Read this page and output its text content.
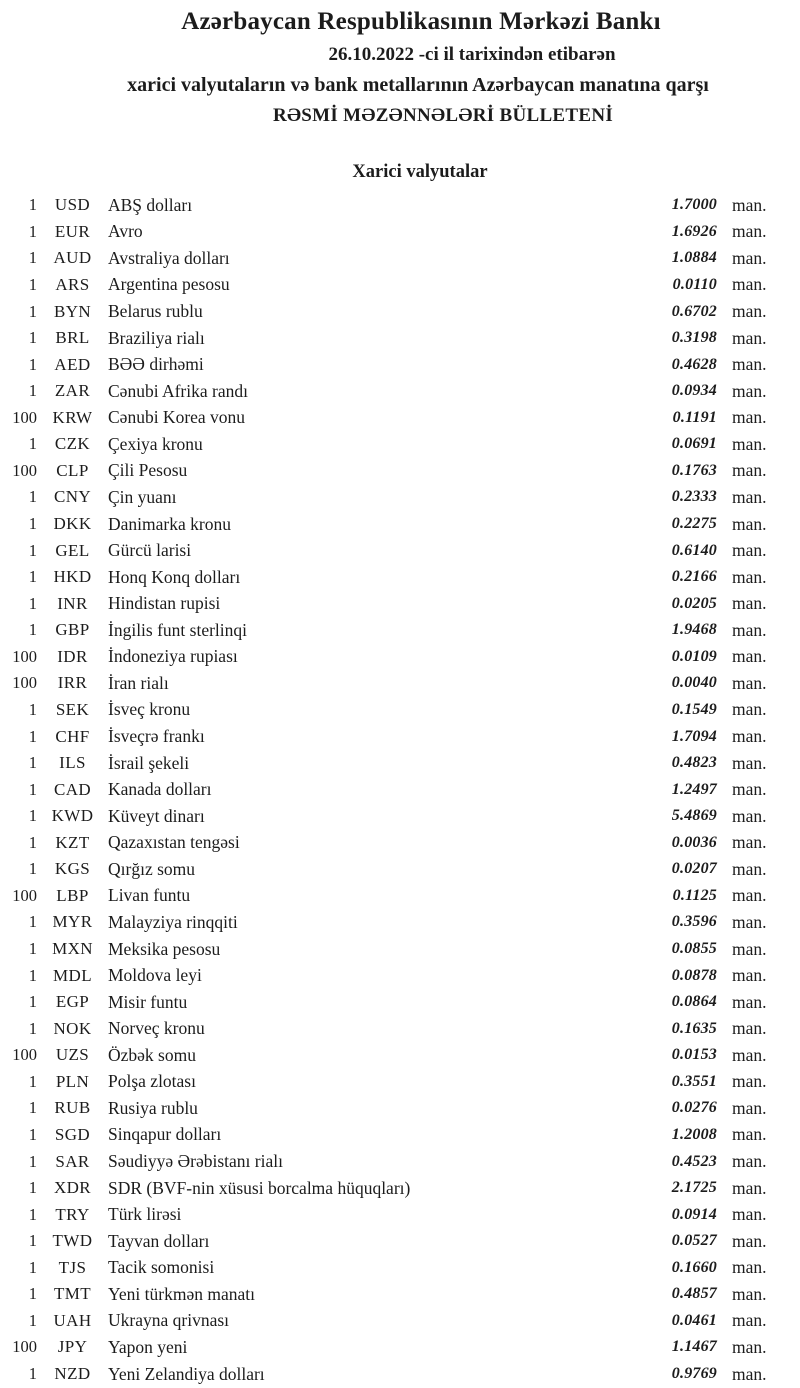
Azərbaycan Respublikasının Mərkəzi Bankı
26.10.2022 -ci il tarixindən etibarən
xarici valyutaların və bank metallarının Azərbaycan manatına qarşı
RƏSMİ MƏZƏNNƏLƏRİ BÜLLETENİ
Xarici valyutalar
1	USD	ABŞ dolları	1.7000 man.
1	EUR	Avro	1.6926 man.
1 AUD Avstraliya dolları	1.0884 man.
1	ARS	Argentina pesosu	0.0110 man.
1 BYN Belarus rublu	0.6702 man.
1	BRL	Braziliya rialı	0.3198 man.
1	AED BƏƏ dirhəmi	0.4628 man.
1	ZAR	Cənubi Afrika randı	0.0934 man.
100 KRW Cənubi Korea vonu	0.1191 man.
1	CZK	Çexiya kronu	0.0691 man.
100	CLP	Çili Pesosu	0.1763 man.
1 CNY Çin yuanı	0.2333 man.
1 DKK Danimarka kronu	0.2275 man.
1	GEL	Gürcü larisi	0.6140 man.
1 HKD Honq Konq dolları	0.2166 man.
1	INR	Hindistan rupisi	0.0205 man.
1	GBP	İngilis funt sterlinqi	1.9468 man.
100	IDR	İndoneziya rupiası	0.0109 man.
100	IRR	İran rialı	0.0040 man.
1	SEK	İsveç kronu	0.1549 man.
1	CHF	İsveçrə frankı	1.7094 man.
1	ILS	İsrail şekeli	0.4823 man.
1 CAD Kanada dolları	1.2497 man.
1 KWD Küveyt dinarı	5.4869 man.
1	KZT	Qazaxıstan tengəsi	0.0036 man.
1	KGS	Qırğız somu	0.0207 man.
100	LBP	Livan funtu	0.1125 man.
1 MYR Malayziya rinqqiti	0.3596 man.
1 MXN Meksika pesosu	0.0855 man.
1 MDL Moldova leyi	0.0878 man.
1	EGP	Misir funtu	0.0864 man.
1 NOK Norveç kronu	0.1635 man.
100	UZS	Özbək somu	0.0153 man.
1	PLN	Polşa zlotası	0.3551 man.
1	RUB Rusiya rublu	0.0276 man.
1	SGD	Sinqapur dolları	1.2008 man.
1	SAR	Səudiyyə Ərəbistanı rialı	0.4523 man.
1 XDR SDR (BVF-nin xüsusi borcalma hüquqları)	2.1725 man.
1	TRY	Türk lirəsi	0.0914 man.
1 TWD Tayvan dolları	0.0527 man.
1	TJS	Tacik somonisi	0.1660 man.
1 TMT Yeni türkmən manatı	0.4857 man.
1 UAH Ukrayna qrivnası	0.0461 man.
100	JPY	Yapon yeni	1.1467 man.
1	NZD Yeni Zelandiya dolları	0.9769 man.
